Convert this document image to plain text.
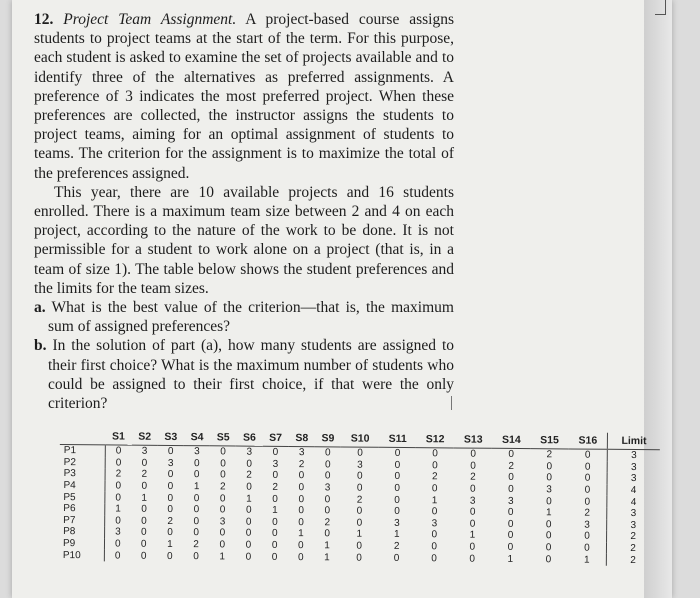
12. Project Team Assignment. A project-based course assigns students to project teams at the start of the term. For this purpose, each student is asked to examine the set of projects available and to identify three of the alternatives as preferred assignments. A preference of 3 indicates the most preferred project. When these preferences are collected, the instructor assigns the students to project teams, aiming for an optimal assignment of students to teams. The criterion for the assignment is to maximize the total of the preferences assigned.

This year, there are 10 available projects and 16 students enrolled. There is a maximum team size between 2 and 4 on each project, according to the nature of the work to be done. It is not permissible for a student to work alone on a project (that is, in a team of size 1). The table below shows the student preferences and the limits for the team sizes.

a. What is the best value of the criterion—that is, the maximum sum of assigned preferences?

b. In the solution of part (a), how many students are assigned to their first choice? What is the maximum number of students who could be assigned to their first choice, if that were the only criterion?

	S1	S2	S3	S4	S5	S6	S7	S8	S9	S10	S11	S12	S13	S14	S15	S16	Limit
P1	0	3	0	3	0	3	0	3	0	0	0	0	0	0	2	0	3
P2	0	0	3	0	0	0	3	2	0	3	0	0	0	2	0	0	3
P3	2	2	0	0	0	2	0	0	0	0	0	2	2	0	0	0	3
P4	0	0	0	1	2	0	2	0	3	0	0	0	0	0	3	0	4
P5	0	1	0	0	0	1	0	0	0	2	0	1	3	3	0	0	4
P6	1	0	0	0	0	0	1	0	0	0	0	0	0	0	1	2	3
P7	0	0	2	0	3	0	0	0	2	0	3	3	0	0	0	3	3
P8	3	0	0	0	0	0	0	1	0	1	1	0	1	0	0	0	2
P9	0	0	1	2	0	0	0	0	1	0	2	0	0	0	0	0	2
P10	0	0	0	0	1	0	0	0	1	0	0	0	0	1	0	1	2
